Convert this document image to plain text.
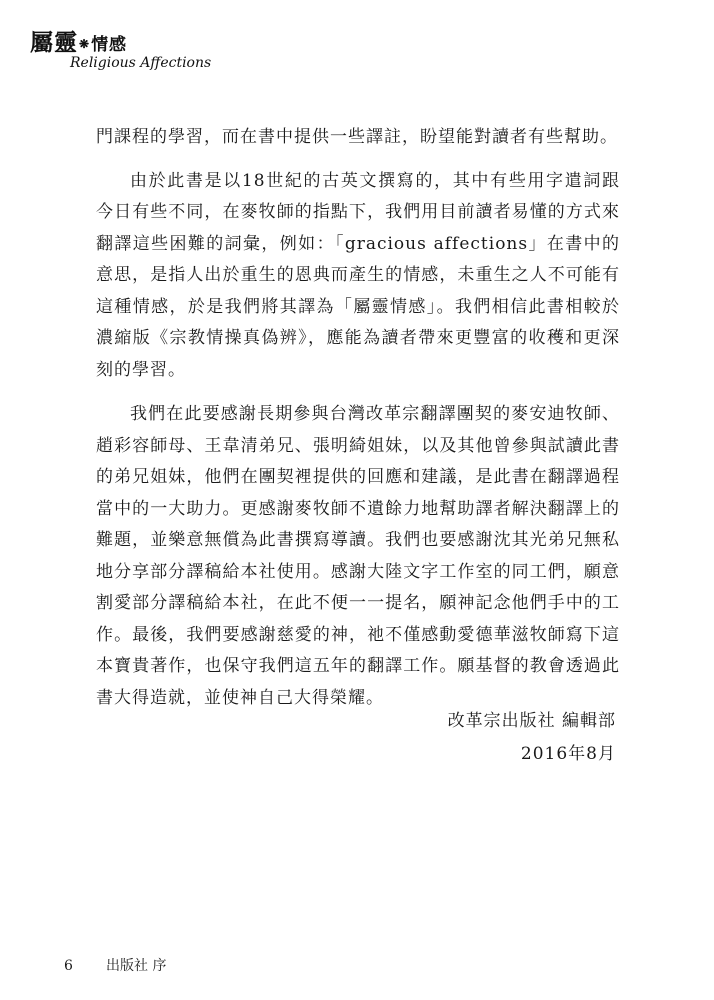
屬靈❋情感
Religious Affections

門課程的學習，而在書中提供一些譯註，盼望能對讀者有些幫助。

由於此書是以18世紀的古英文撰寫的，其中有些用字遣詞跟今日有些不同，在麥牧師的指點下，我們用目前讀者易懂的方式來翻譯這些困難的詞彙，例如：「gracious affections」在書中的意思，是指人出於重生的恩典而產生的情感，未重生之人不可能有這種情感，於是我們將其譯為「屬靈情感」。我們相信此書相較於濃縮版《宗教情操真偽辨》，應能為讀者帶來更豐富的收穫和更深刻的學習。

我們在此要感謝長期參與台灣改革宗翻譯團契的麥安迪牧師、趙彩容師母、王韋清弟兄、張明綺姐妹，以及其他曾參與試讀此書的弟兄姐妹，他們在團契裡提供的回應和建議，是此書在翻譯過程當中的一大助力。更感謝麥牧師不遺餘力地幫助譯者解決翻譯上的難題，並樂意無償為此書撰寫導讀。我們也要感謝沈其光弟兄無私地分享部分譯稿給本社使用。感謝大陸文字工作室的同工們，願意割愛部分譯稿給本社，在此不便一一提名，願神記念他們手中的工作。最後，我們要感謝慈愛的神，祂不僅感動愛德華滋牧師寫下這本寶貴著作，也保守我們這五年的翻譯工作。願基督的教會透過此書大得造就，並使神自己大得榮耀。

改革宗出版社 編輯部
2016年8月
6 出版社 序
